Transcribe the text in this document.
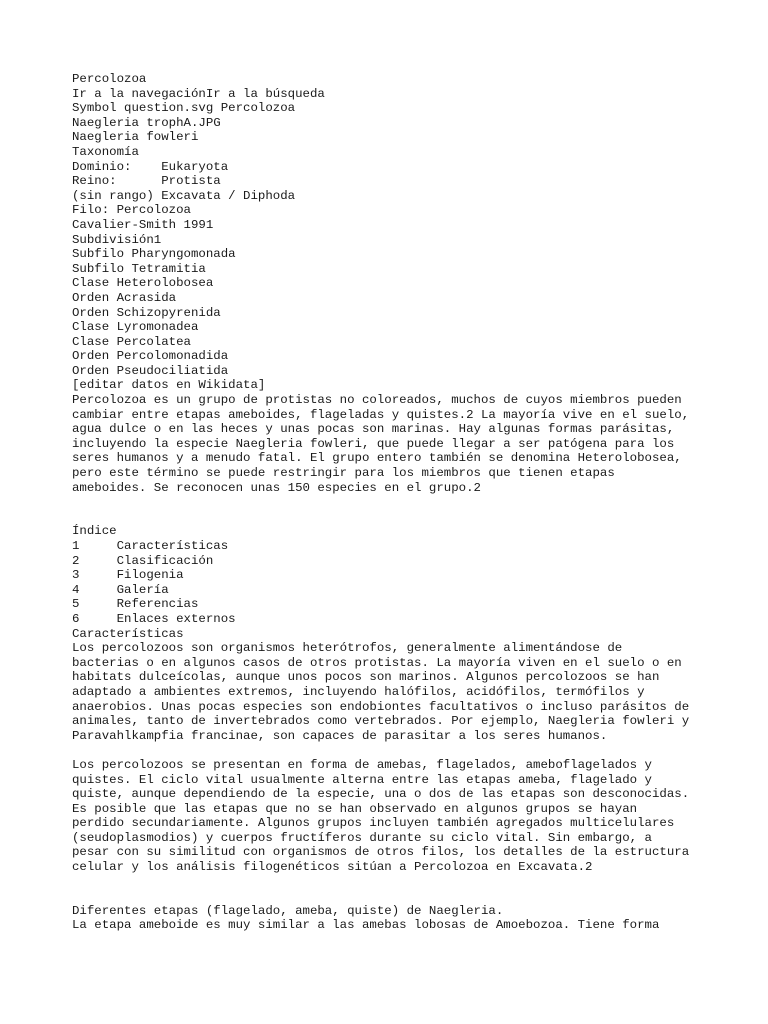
Percolozoa
Ir a la navegaciónIr a la búsqueda
Symbol question.svg Percolozoa
Naegleria trophA.JPG
Naegleria fowleri
Taxonomía
Dominio:    Eukaryota
Reino:      Protista
(sin rango) Excavata / Diphoda
Filo: Percolozoa
Cavalier-Smith 1991
Subdivisión1
Subfilo Pharyngomonada
Subfilo Tetramitia
Clase Heterolobosea
Orden Acrasida
Orden Schizopyrenida
Clase Lyromonadea
Clase Percolatea
Orden Percolomonadida
Orden Pseudociliatida
[editar datos en Wikidata]
Percolozoa es un grupo de protistas no coloreados, muchos de cuyos miembros pueden
cambiar entre etapas ameboides, flageladas y quistes.2 La mayoría vive en el suelo,
agua dulce o en las heces y unas pocas son marinas. Hay algunas formas parásitas,
incluyendo la especie Naegleria fowleri, que puede llegar a ser patógena para los
seres humanos y a menudo fatal. El grupo entero también se denomina Heterolobosea,
pero este término se puede restringir para los miembros que tienen etapas
ameboides. Se reconocen unas 150 especies en el grupo.2
Índice
1     Características
2     Clasificación
3     Filogenia
4     Galería
5     Referencias
6     Enlaces externos
Características
Los percolozoos son organismos heterótrofos, generalmente alimentándose de
bacterias o en algunos casos de otros protistas. La mayoría viven en el suelo o en
habitats dulceícolas, aunque unos pocos son marinos. Algunos percolozoos se han
adaptado a ambientes extremos, incluyendo halófilos, acidófilos, termófilos y
anaerobios. Unas pocas especies son endobiontes facultativos o incluso parásitos de
animales, tanto de invertebrados como vertebrados. Por ejemplo, Naegleria fowleri y
Paravahlkampfia francinae, son capaces de parasitar a los seres humanos.
Los percolozoos se presentan en forma de amebas, flagelados, ameboflagelados y
quistes. El ciclo vital usualmente alterna entre las etapas ameba, flagelado y
quiste, aunque dependiendo de la especie, una o dos de las etapas son desconocidas.
Es posible que las etapas que no se han observado en algunos grupos se hayan
perdido secundariamente. Algunos grupos incluyen también agregados multicelulares
(seudoplasmodios) y cuerpos fructíferos durante su ciclo vital. Sin embargo, a
pesar con su similitud con organismos de otros filos, los detalles de la estructura
celular y los análisis filogenéticos sitúan a Percolozoa en Excavata.2
Diferentes etapas (flagelado, ameba, quiste) de Naegleria.
La etapa ameboide es muy similar a las amebas lobosas de Amoebozoa. Tiene forma
